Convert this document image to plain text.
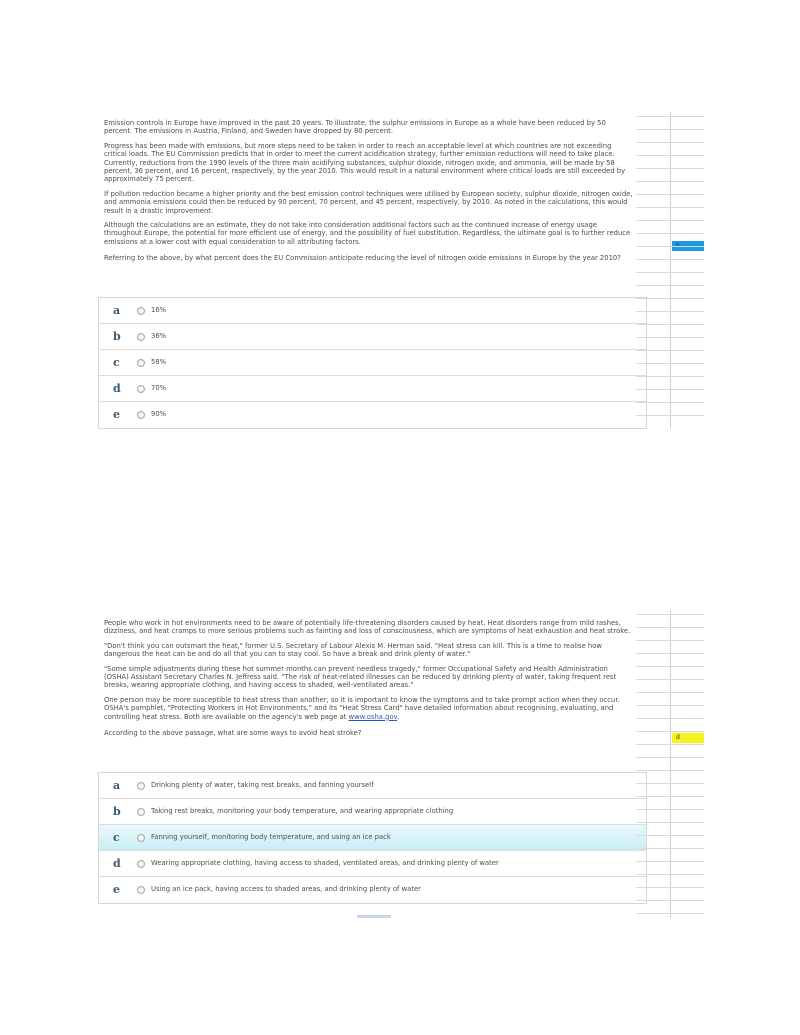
Emission controls in Europe have improved in the past 20 years. To illustrate, the sulphur emissions in Europe as a whole have been reduced by 50 percent. The emissions in Austria, Finland, and Sweden have dropped by 80 percent.

Progress has been made with emissions, but more steps need to be taken in order to reach an acceptable level at which countries are not exceeding critical loads. The EU Commission predicts that in order to meet the current acidification strategy, further emission reductions will need to take place. Currently, reductions from the 1990 levels of the three main acidifying substances, sulphur dioxide, nitrogen oxide, and ammonia, will be made by 58 percent, 36 percent, and 16 percent, respectively, by the year 2010. This would result in a natural environment where critical loads are still exceeded by approximately 75 percent.

If pollution reduction became a higher priority and the best emission control techniques were utilised by European society, sulphur dioxide, nitrogen oxide, and ammonia emissions could then be reduced by 90 percent, 70 percent, and 45 percent, respectively, by 2010. As noted in the calculations, this would result in a drastic improvement.

Although the calculations are an estimate, they do not take into consideration additional factors such as the continued increase of energy usage throughout Europe, the potential for more efficient use of energy, and the possibility of fuel substitution. Regardless, the ultimate goal is to further reduce emissions at a lower cost with equal consideration to all attributing factors.

Referring to the above, by what percent does the EU Commission anticipate reducing the level of nitrogen oxide emissions in Europe by the year 2010?

a	16%
b	36%
c	58%
d	70%
e	90%

People who work in hot environments need to be aware of potentially life-threatening disorders caused by heat. Heat disorders range from mild rashes, dizziness, and heat cramps to more serious problems such as fainting and loss of consciousness, which are symptoms of heat exhaustion and heat stroke.

"Don't think you can outsmart the heat," former U.S. Secretary of Labour Alexis M. Herman said. "Heat stress can kill. This is a time to realise how dangerous the heat can be and do all that you can to stay cool. So have a break and drink plenty of water."

"Some simple adjustments during these hot summer months can prevent needless tragedy," former Occupational Safety and Health Administration (OSHA) Assistant Secretary Charles N. Jeffress said. "The risk of heat-related illnesses can be reduced by drinking plenty of water, taking frequent rest breaks, wearing appropriate clothing, and having access to shaded, well-ventilated areas."

One person may be more susceptible to heat stress than another, so it is important to know the symptoms and to take prompt action when they occur. OSHA's pamphlet, "Protecting Workers in Hot Environments," and its "Heat Stress Card" have detailed information about recognising, evaluating, and controlling heat stress. Both are available on the agency's web page at www.osha.gov.

According to the above passage, what are some ways to avoid heat stroke?

a	Drinking plenty of water, taking rest breaks, and fanning yourself
b	Taking rest breaks, monitoring your body temperature, and wearing appropriate clothing
c	Fanning yourself, monitoring body temperature, and using an ice pack
d	Wearing appropriate clothing, having access to shaded, ventilated areas, and drinking plenty of water
e	Using an ice pack, having access to shaded areas, and drinking plenty of water
d
